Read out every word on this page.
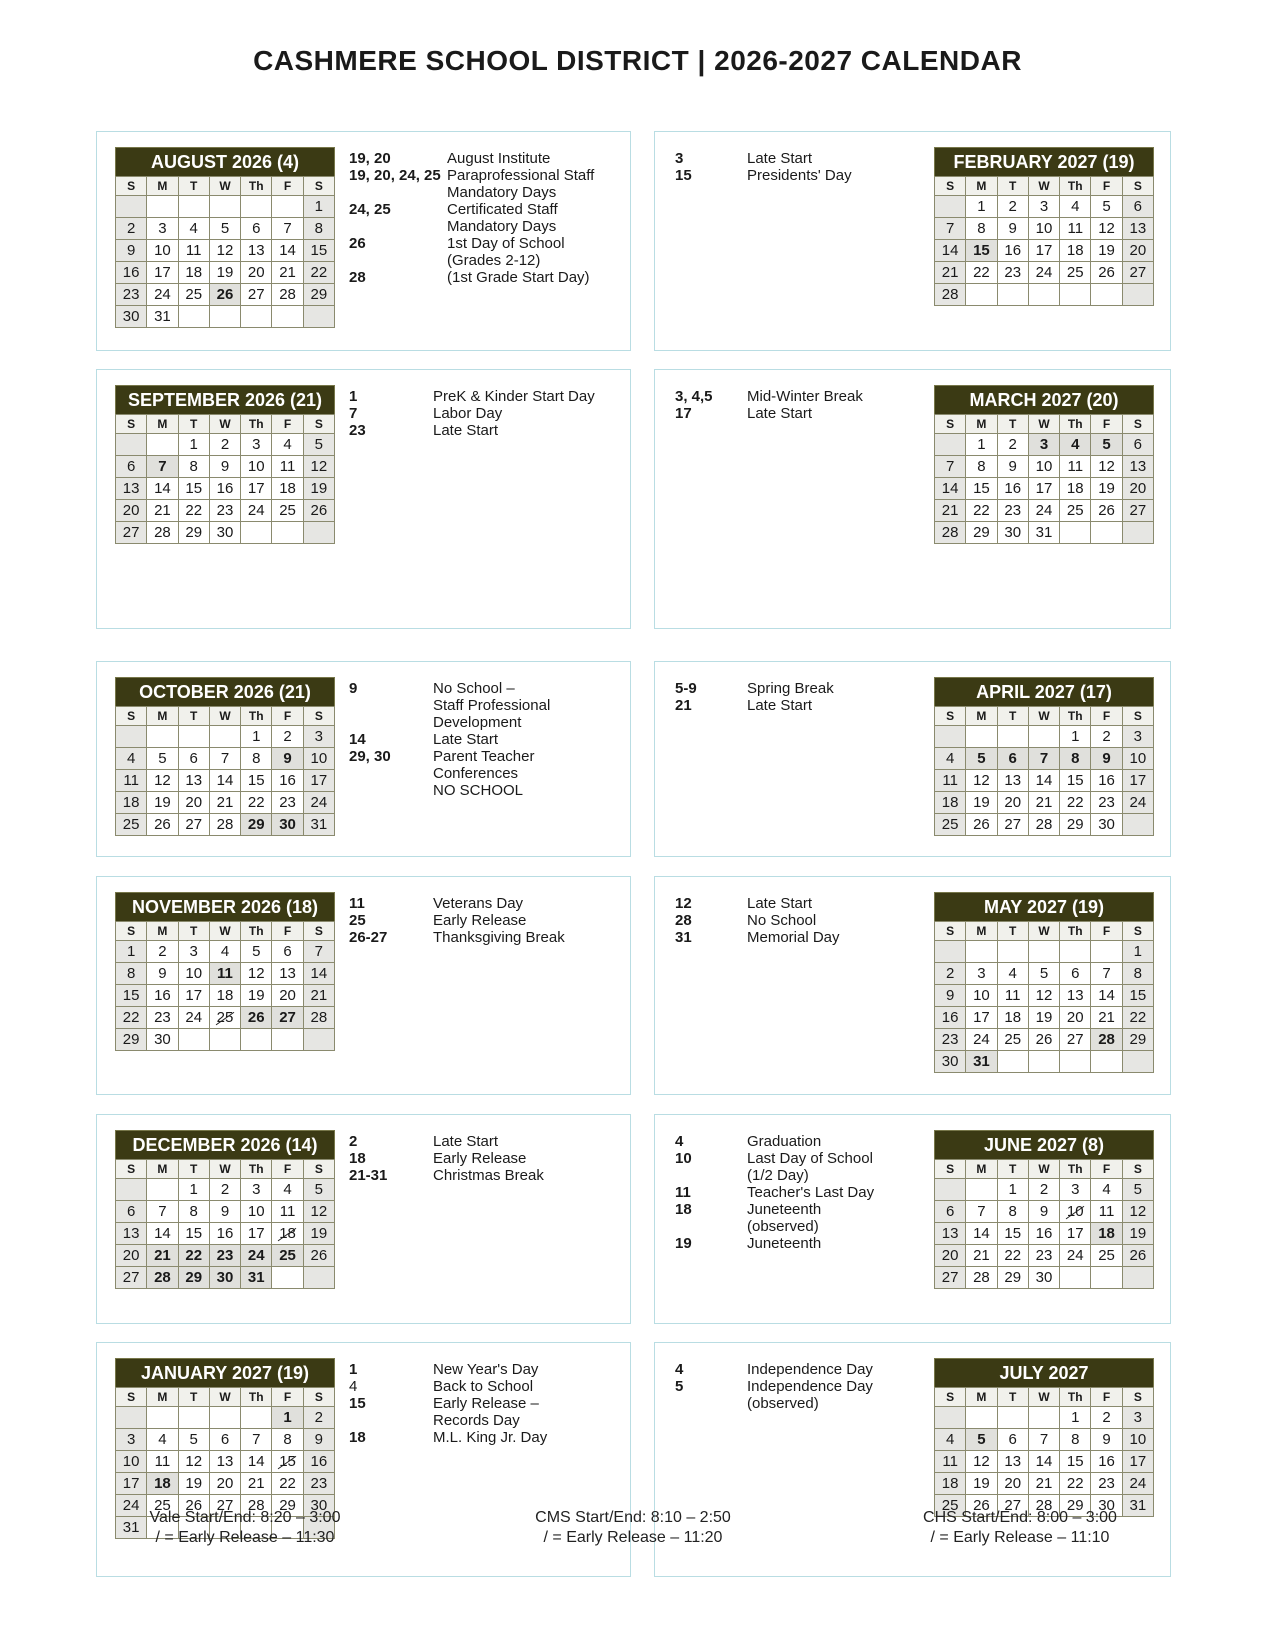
CASHMERE SCHOOL DISTRICT | 2026-2027 CALENDAR
AUGUST 2026 (4)
S	M	T	W	Th	F	S
						1
2	3	4	5	6	7	8
9	10	11	12	13	14	15
16	17	18	19	20	21	22
23	24	25	26	27	28	29
30	31					
19, 20	August Institute
19, 20, 24, 25 Paraprofessional Staff
Mandatory Days
24, 25	Certificated Staff
Mandatory Days
26	1st Day of School
(Grades 2-12)
28	(1st Grade Start Day)
SEPTEMBER 2026 (21)
S	M	T	W	Th	F	S
		1	2	3	4	5
6	7	8	9	10	11	12
13	14	15	16	17	18	19
20	21	22	23	24	25	26
27	28	29	30			
1	PreK & Kinder Start Day
7	Labor Day
23	Late Start
OCTOBER 2026 (21)
S	M	T	W	Th	F	S
				1	2	3
4	5	6	7	8	9	10
11	12	13	14	15	16	17
18	19	20	21	22	23	24
25	26	27	28	29	30	31
9	No School –
Staff Professional
Development
14	Late Start
29, 30	Parent Teacher
Conferences
NO SCHOOL
NOVEMBER 2026 (18)
S	M	T	W	Th	F	S
1	2	3	4	5	6	7
8	9	10	11	12	13	14
15	16	17	18	19	20	21
22	23	24	25	26	27	28
29	30					
11	Veterans Day
25	Early Release
26-27	Thanksgiving Break
DECEMBER 2026 (14)
S	M	T	W	Th	F	S
		1	2	3	4	5
6	7	8	9	10	11	12
13	14	15	16	17	18	19
20	21	22	23	24	25	26
27	28	29	30	31		
2	Late Start
18	Early Release
21-31	Christmas Break
JANUARY 2027 (19)
S	M	T	W	Th	F	S
					1	2
3	4	5	6	7	8	9
10	11	12	13	14	15	16
17	18	19	20	21	22	23
24	25	26	27	28	29	30
31						
1	New Year's Day
4	Back to School
15	Early Release –
Records Day
18	M.L. King Jr. Day
FEBRUARY 2027 (19)
S	M	T	W	Th	F	S
	1	2	3	4	5	6
7	8	9	10	11	12	13
14	15	16	17	18	19	20
21	22	23	24	25	26	27
28						
3	Late Start
15	Presidents' Day
MARCH 2027 (20)
S	M	T	W	Th	F	S
	1	2	3	4	5	6
7	8	9	10	11	12	13
14	15	16	17	18	19	20
21	22	23	24	25	26	27
28	29	30	31			
3, 4,5	Mid-Winter Break
17	Late Start
APRIL 2027 (17)
S	M	T	W	Th	F	S
				1	2	3
4	5	6	7	8	9	10
11	12	13	14	15	16	17
18	19	20	21	22	23	24
25	26	27	28	29	30	
5-9	Spring Break
21	Late Start
MAY 2027 (19)
S	M	T	W	Th	F	S
						1
2	3	4	5	6	7	8
9	10	11	12	13	14	15
16	17	18	19	20	21	22
23	24	25	26	27	28	29
30	31					
12	Late Start
28	No School
31	Memorial Day
JUNE 2027 (8)
S	M	T	W	Th	F	S
		1	2	3	4	5
6	7	8	9	10	11	12
13	14	15	16	17	18	19
20	21	22	23	24	25	26
27	28	29	30			
4	Graduation
10	Last Day of School
(1/2 Day)
11	Teacher's Last Day
18	Juneteenth
(observed)
19	Juneteenth
JULY 2027
S	M	T	W	Th	F	S
				1	2	3
4	5	6	7	8	9	10
11	12	13	14	15	16	17
18	19	20	21	22	23	24
25	26	27	28	29	30	31
4	Independence Day
5	Independence Day
(observed)
Vale Start/End: 8:20 – 3:00
/ = Early Release – 11:30
CMS Start/End: 8:10 – 2:50
/ = Early Release – 11:20
CHS Start/End: 8:00 – 3:00
/ = Early Release – 11:10
